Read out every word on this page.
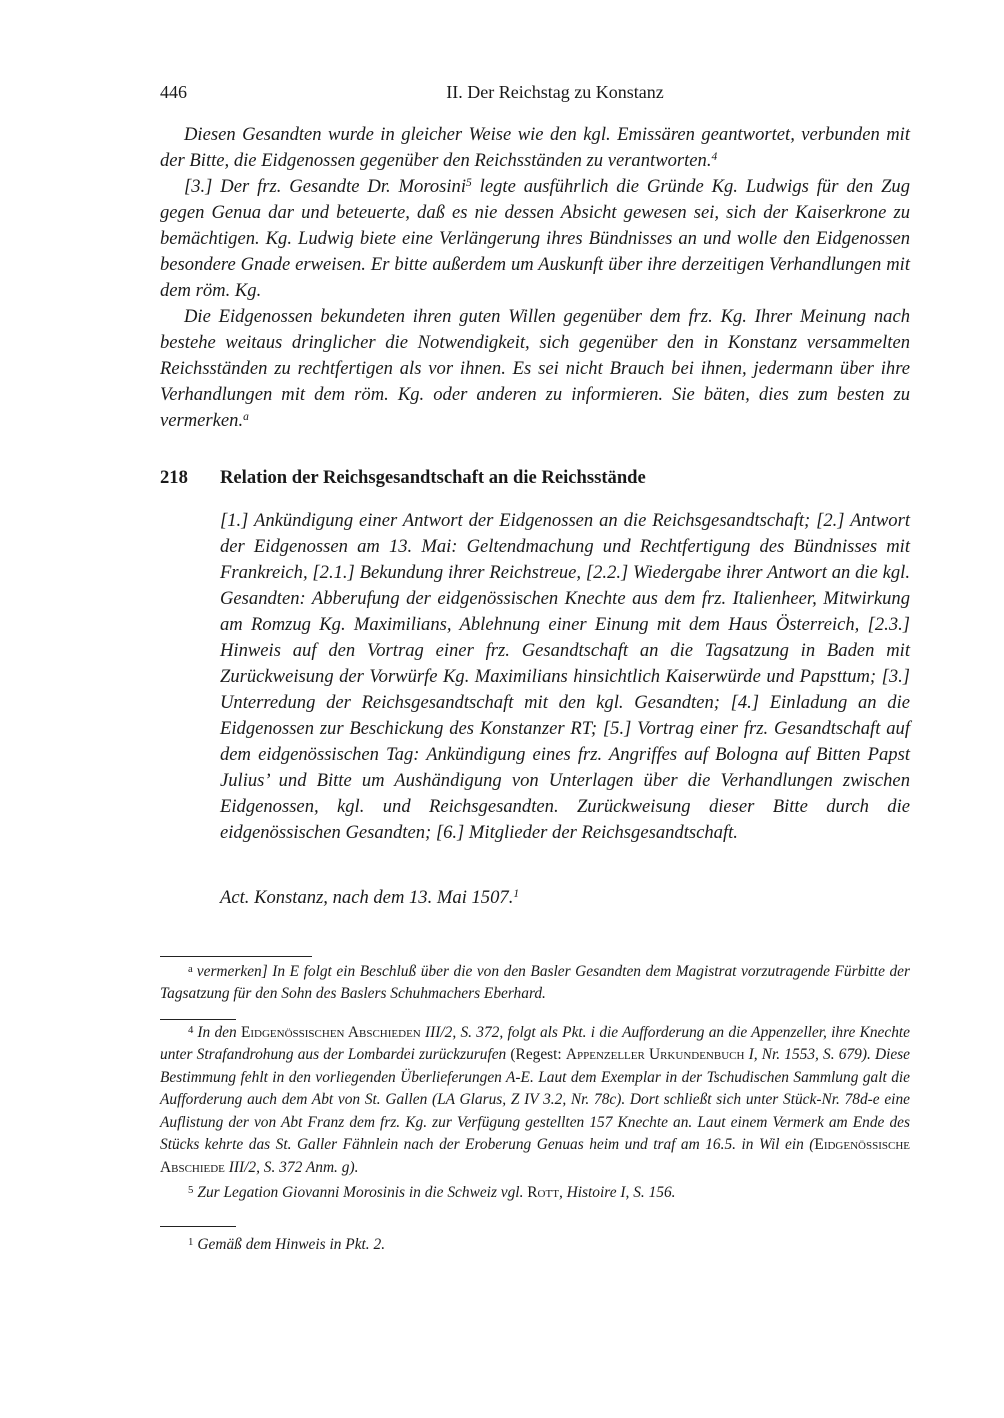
446	II. Der Reichstag zu Konstanz

Diesen Gesandten wurde in gleicher Weise wie den kgl. Emissären geantwortet, verbunden mit der Bitte, die Eidgenossen gegenüber den Reichsständen zu verantworten.$^4$

[3.] Der frz. Gesandte Dr. Morosini$^5$ legte ausführlich die Gründe Kg. Ludwigs für den Zug gegen Genua dar und beteuerte, daß es nie dessen Absicht gewesen sei, sich der Kaiserkrone zu bemächtigen. Kg. Ludwig biete eine Verlängerung ihres Bündnisses an und wolle den Eidgenossen besondere Gnade erweisen. Er bitte außerdem um Auskunft über ihre derzeitigen Verhandlungen mit dem röm. Kg.

Die Eidgenossen bekundeten ihren guten Willen gegenüber dem frz. Kg. Ihrer Meinung nach bestehe weitaus dringlicher die Notwendigkeit, sich gegenüber den in Konstanz versammelten Reichsständen zu rechtfertigen als vor ihnen. Es sei nicht Brauch bei ihnen, jedermann über ihre Verhandlungen mit dem röm. Kg. oder anderen zu informieren. Sie bäten, dies zum besten zu vermerken.$^a$

218 Relation der Reichsgesandtschaft an die Reichsstände

[1.] Ankündigung einer Antwort der Eidgenossen an die Reichsgesandtschaft; [2.] Antwort der Eidgenossen am 13. Mai: Geltendmachung und Rechtfertigung des Bündnisses mit Frankreich, [2.1.] Bekundung ihrer Reichstreue, [2.2.] Wiedergabe ihrer Antwort an die kgl. Gesandten: Abberufung der eidgenössischen Knechte aus dem frz. Italienheer, Mitwirkung am Romzug Kg. Maximilians, Ablehnung einer Einung mit dem Haus Österreich, [2.3.] Hinweis auf den Vortrag einer frz. Gesandtschaft an die Tagsatzung in Baden mit Zurückweisung der Vorwürfe Kg. Maximilians hinsichtlich Kaiserwürde und Papsttum; [3.] Unterredung der Reichsgesandtschaft mit den kgl. Gesandten; [4.] Einladung an die Eidgenossen zur Beschickung des Konstanzer RT; [5.] Vortrag einer frz. Gesandtschaft auf dem eidgenössischen Tag: Ankündigung eines frz. Angriffes auf Bologna auf Bitten Papst Julius’ und Bitte um Aushändigung von Unterlagen über die Verhandlungen zwischen Eidgenossen, kgl. und Reichsgesandten. Zurückweisung dieser Bitte durch die eidgenössischen Gesandten; [6.] Mitglieder der Reichsgesandtschaft.

Act. Konstanz, nach dem 13. Mai 1507.$^1$

$^a$ vermerken] In E folgt ein Beschluß über die von den Basler Gesandten dem Magistrat vorzutragende Fürbitte der Tagsatzung für den Sohn des Baslers Schuhmachers Eberhard.

$^4$ In den Eidgenössischen Abschieden III/2, S. 372, folgt als Pkt. i die Aufforderung an die Appenzeller, ihre Knechte unter Strafandrohung aus der Lombardei zurückzurufen (Regest: Appenzeller Urkundenbuch I, Nr. 1553, S. 679). Diese Bestimmung fehlt in den vorliegenden Überlieferungen A-E. Laut dem Exemplar in der Tschudischen Sammlung galt die Aufforderung auch dem Abt von St. Gallen (LA Glarus, Z IV 3.2, Nr. 78c). Dort schließt sich unter Stück-Nr. 78d-e eine Auflistung der von Abt Franz dem frz. Kg. zur Verfügung gestellten 157 Knechte an. Laut einem Vermerk am Ende des Stücks kehrte das St. Galler Fähnlein nach der Eroberung Genuas heim und traf am 16.5. in Wil ein (Eidgenössische Abschiede III/2, S. 372 Anm. g).

$^5$ Zur Legation Giovanni Morosinis in die Schweiz vgl. Rott, Histoire I, S. 156.

$^1$ Gemäß dem Hinweis in Pkt. 2.
